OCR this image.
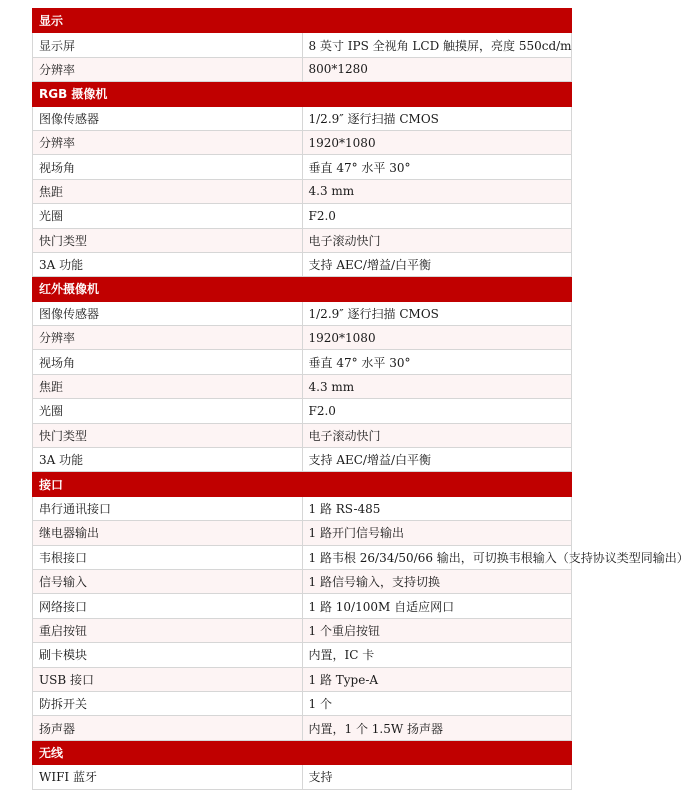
显示	
显示屏	8 英寸 IPS 全视角 LCD 触摸屏，亮度 550cd/m
分辨率	800*1280
RGB 摄像机	
图像传感器	1/2.9″ 逐行扫描 CMOS
分辨率	1920*1080
视场角	垂直 47° 水平 30°
焦距	4.3 mm
光圈	F2.0
快门类型	电子滚动快门
3A 功能	支持 AEC/增益/白平衡
红外摄像机	
图像传感器	1/2.9″ 逐行扫描 CMOS
分辨率	1920*1080
视场角	垂直 47° 水平 30°
焦距	4.3 mm
光圈	F2.0
快门类型	电子滚动快门
3A 功能	支持 AEC/增益/白平衡
接口	
串行通讯接口	1 路 RS-485
继电器输出	1 路开门信号输出
韦根接口	1 路韦根 26/34/50/66 输出，可切换韦根输入（支持协议类型同输出）
信号输入	1 路信号输入，支持切换
网络接口	1 路 10/100M 自适应网口
重启按钮	1 个重启按钮
刷卡模块	内置，IC 卡
USB 接口	1 路 Type-A
防拆开关	1 个
扬声器	内置，1 个 1.5W 扬声器
无线	
WIFI 蓝牙	支持
